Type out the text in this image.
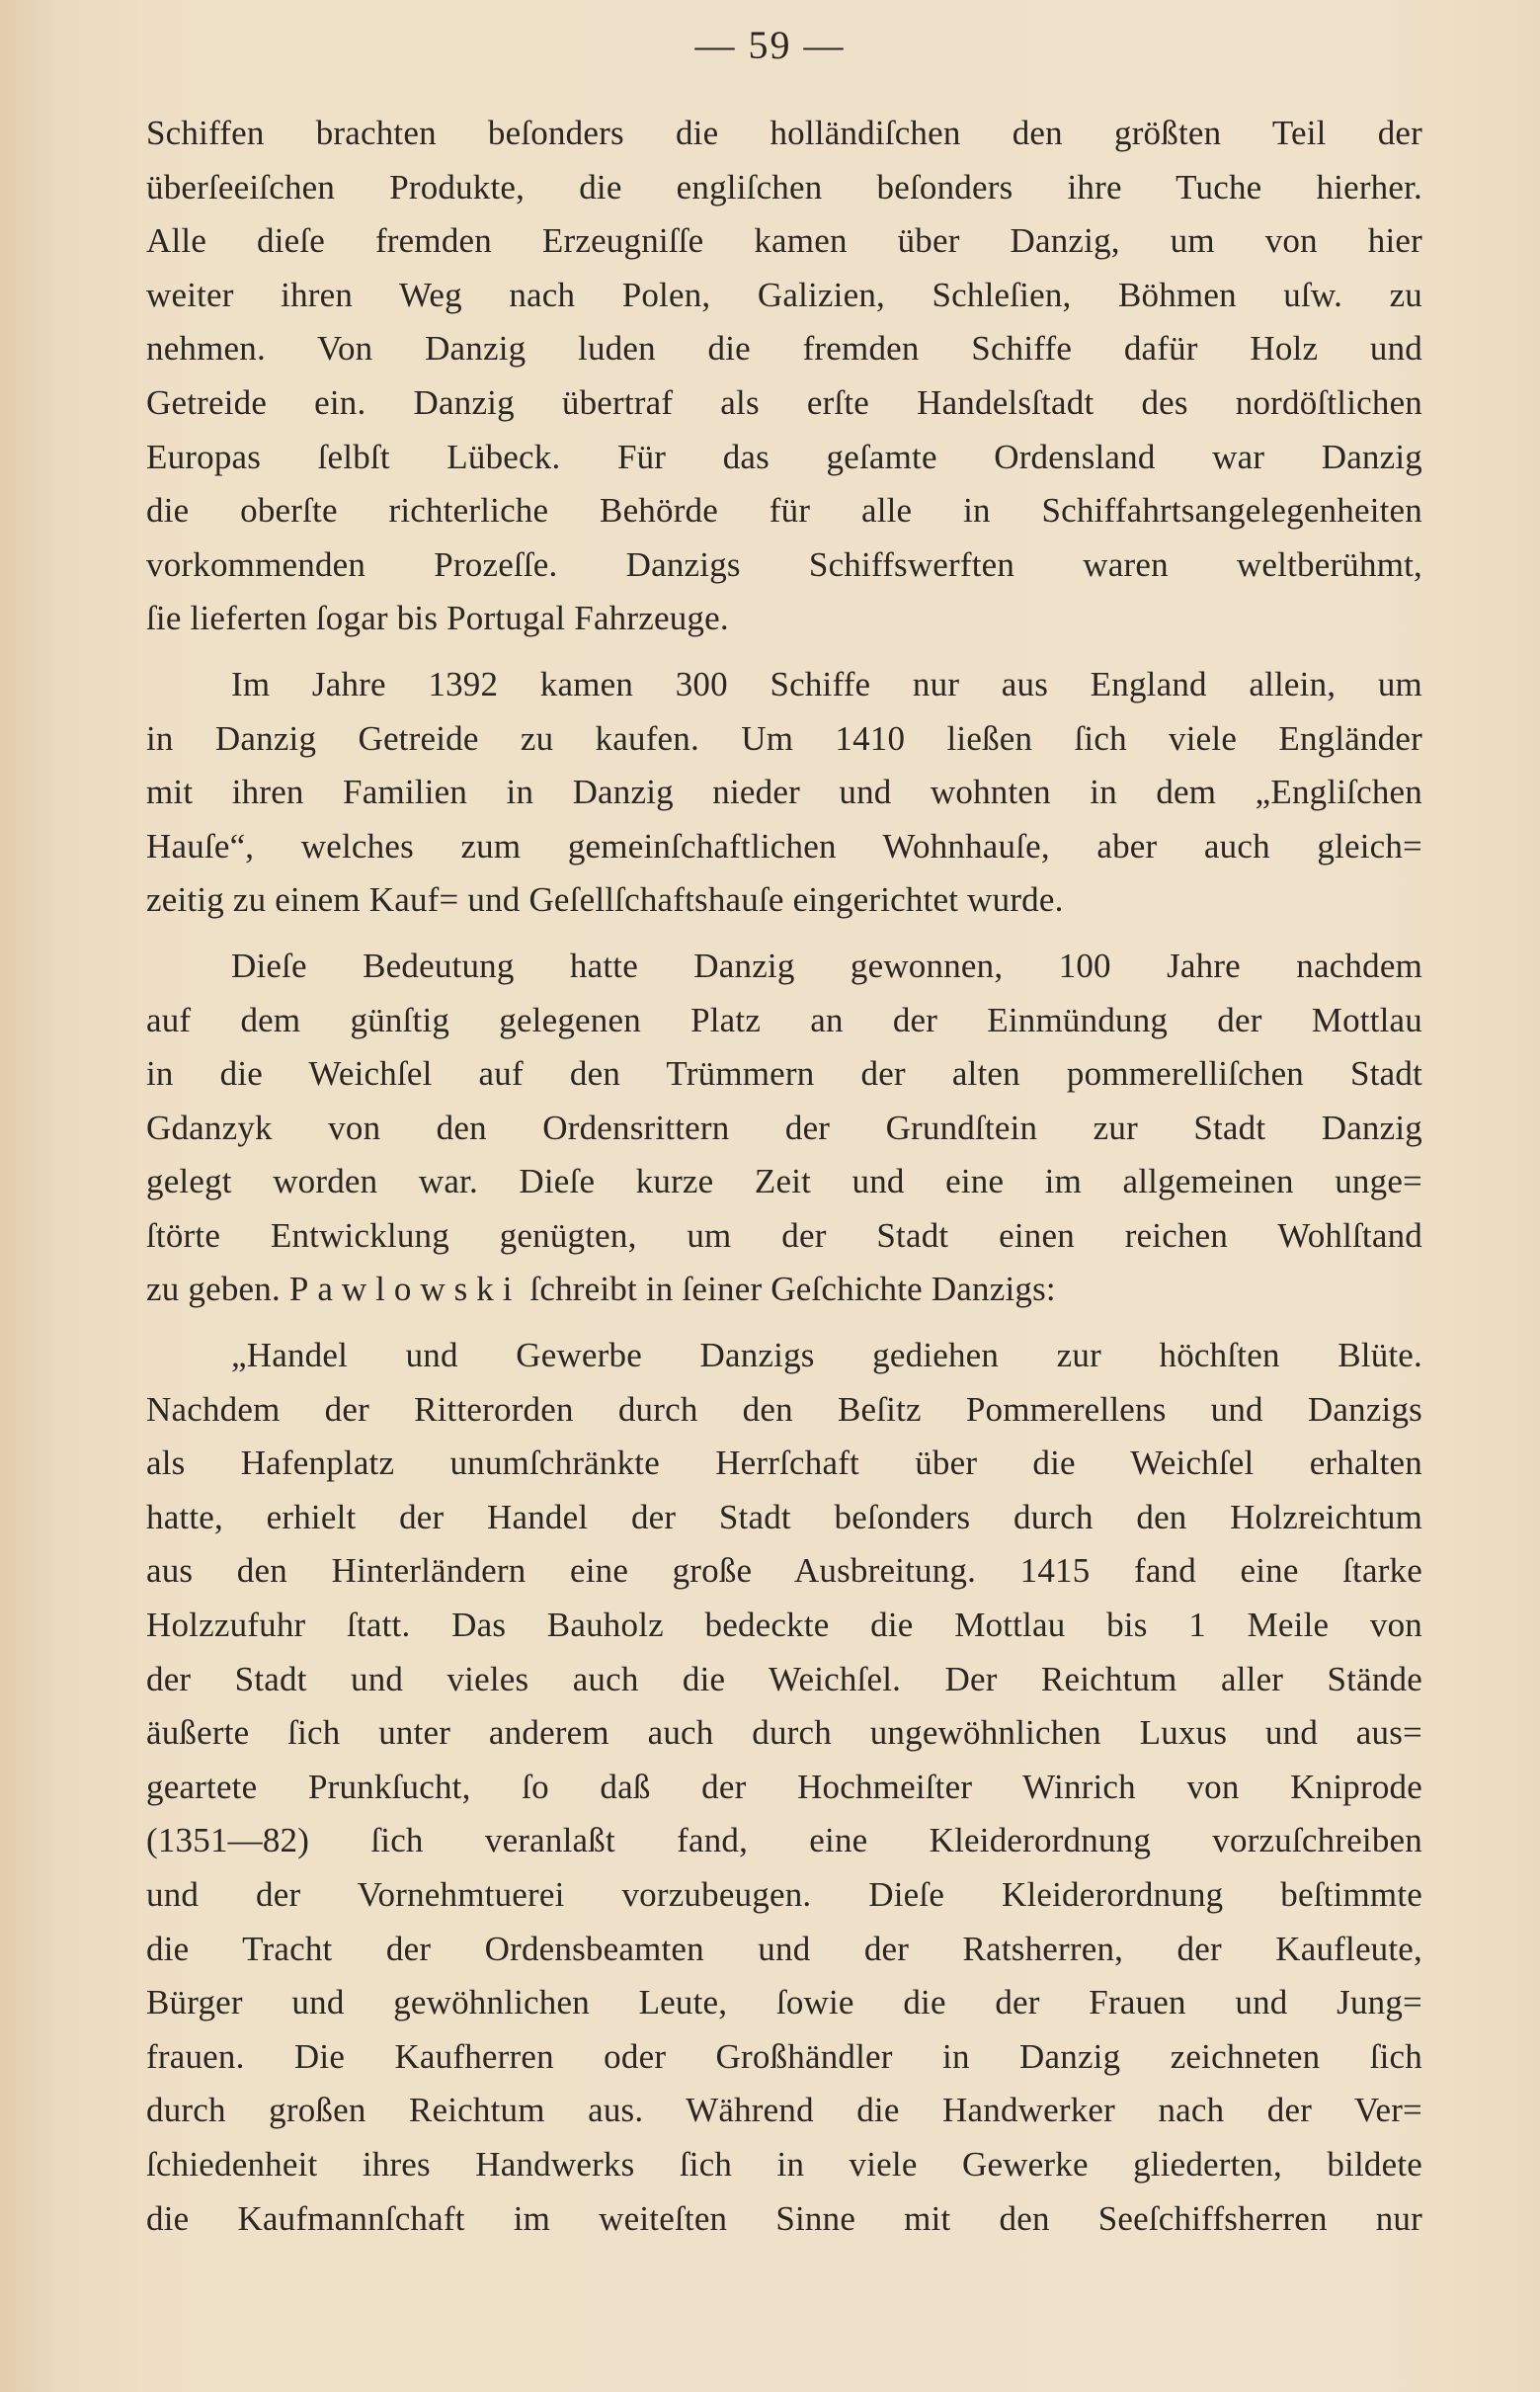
— 59 —
Schiffen brachten beſonders die holländiſchen den größten Teil der
überſeeiſchen Produkte, die engliſchen beſonders ihre Tuche hierher.
Alle dieſe fremden Erzeugniſſe kamen über Danzig, um von hier
weiter ihren Weg nach Polen, Galizien, Schleſien, Böhmen uſw. zu
nehmen. Von Danzig luden die fremden Schiffe dafür Holz und
Getreide ein. Danzig übertraf als erſte Handelsſtadt des nordöſtlichen
Europas ſelbſt Lübeck. Für das geſamte Ordensland war Danzig
die oberſte richterliche Behörde für alle in Schiffahrtsangelegenheiten
vorkommenden Prozeſſe. Danzigs Schiffswerften waren weltberühmt,
ſie lieferten ſogar bis Portugal Fahrzeuge.
Im Jahre 1392 kamen 300 Schiffe nur aus England allein, um
in Danzig Getreide zu kaufen. Um 1410 ließen ſich viele Engländer
mit ihren Familien in Danzig nieder und wohnten in dem „Engliſchen
Hauſe“, welches zum gemeinſchaftlichen Wohnhauſe, aber auch gleich=
zeitig zu einem Kauf= und Geſellſchaftshauſe eingerichtet wurde.
Dieſe Bedeutung hatte Danzig gewonnen, 100 Jahre nachdem
auf dem günſtig gelegenen Platz an der Einmündung der Mottlau
in die Weichſel auf den Trümmern der alten pommerelliſchen Stadt
Gdanzyk von den Ordensrittern der Grundſtein zur Stadt Danzig
gelegt worden war. Dieſe kurze Zeit und eine im allgemeinen unge=
ſtörte Entwicklung genügten, um der Stadt einen reichen Wohlſtand
zu geben. Pawlowski ſchreibt in ſeiner Geſchichte Danzigs:
„Handel und Gewerbe Danzigs gediehen zur höchſten Blüte.
Nachdem der Ritterorden durch den Beſitz Pommerellens und Danzigs
als Hafenplatz unumſchränkte Herrſchaft über die Weichſel erhalten
hatte, erhielt der Handel der Stadt beſonders durch den Holzreichtum
aus den Hinterländern eine große Ausbreitung. 1415 fand eine ſtarke
Holzzufuhr ſtatt. Das Bauholz bedeckte die Mottlau bis 1 Meile von
der Stadt und vieles auch die Weichſel. Der Reichtum aller Stände
äußerte ſich unter anderem auch durch ungewöhnlichen Luxus und aus=
geartete Prunkſucht, ſo daß der Hochmeiſter Winrich von Kniprode
(1351—82) ſich veranlaßt fand, eine Kleiderordnung vorzuſchreiben
und der Vornehmtuerei vorzubeugen. Dieſe Kleiderordnung beſtimmte
die Tracht der Ordensbeamten und der Ratsherren, der Kaufleute,
Bürger und gewöhnlichen Leute, ſowie die der Frauen und Jung=
frauen. Die Kaufherren oder Großhändler in Danzig zeichneten ſich
durch großen Reichtum aus. Während die Handwerker nach der Ver=
ſchiedenheit ihres Handwerks ſich in viele Gewerke gliederten, bildete
die Kaufmannſchaft im weiteſten Sinne mit den Seeſchiffsherren nur
